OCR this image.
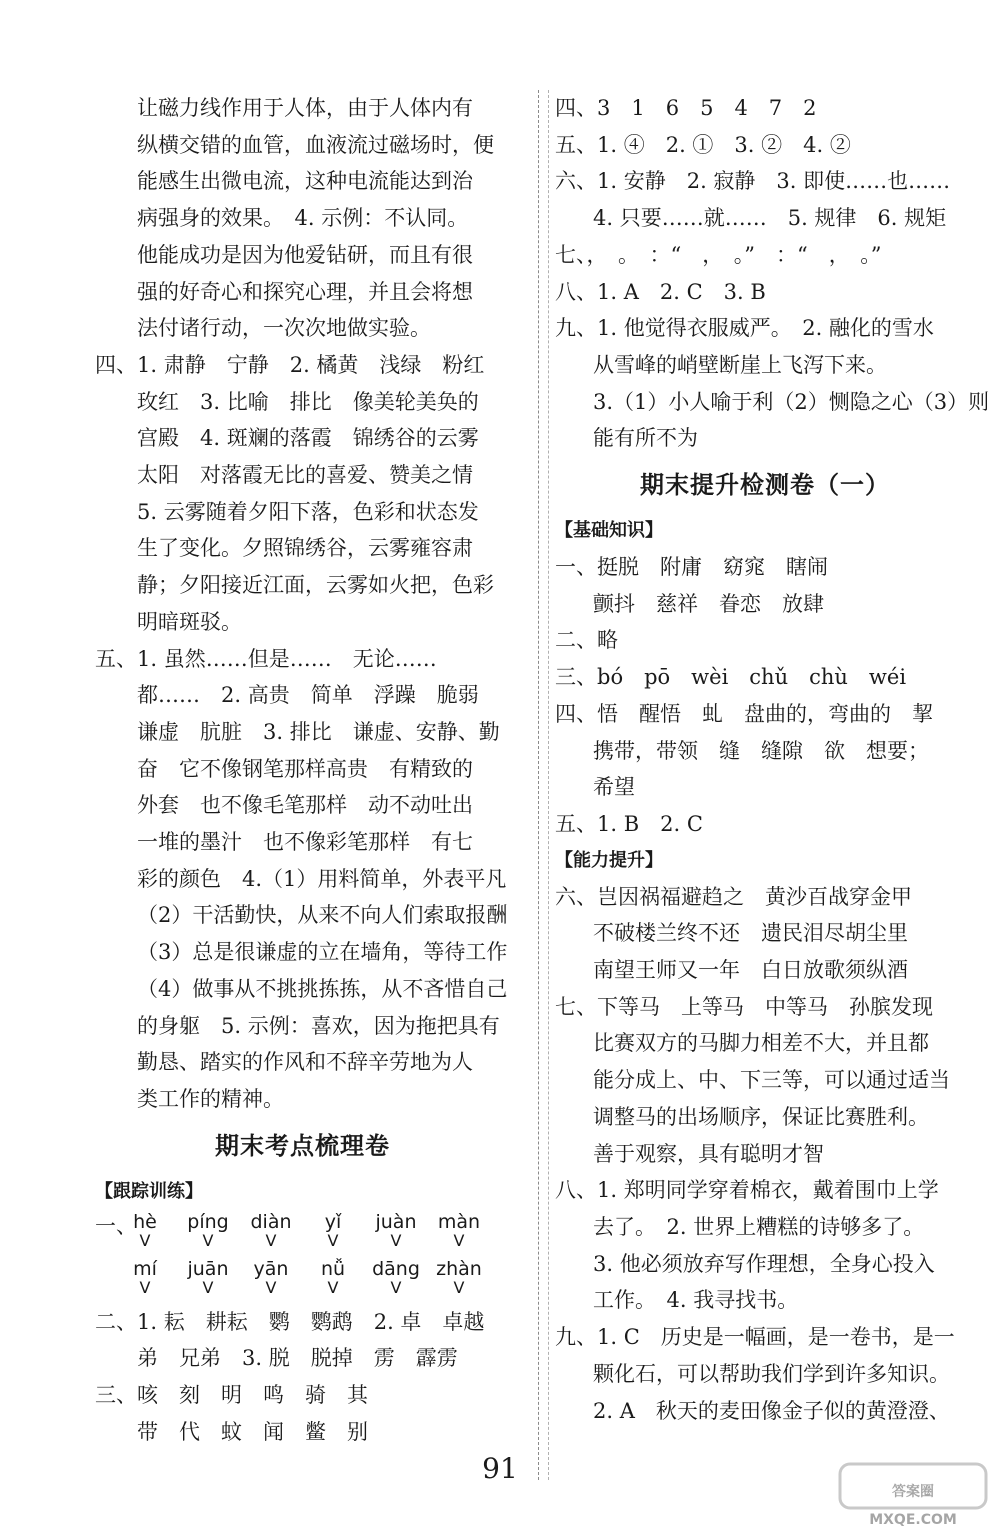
让磁力线作用于人体，由于人体内有
纵横交错的血管，血液流过磁场时，便
能感生出微电流，这种电流能达到治
病强身的效果。　4. 示例：不认同。
他能成功是因为他爱钻研，而且有很
强的好奇心和探究心理，并且会将想
法付诸行动，一次次地做实验。
四、1. 肃静　宁静　2. 橘黄　浅绿　粉红
玫红　3. 比喻　排比　像美轮美奂的
宫殿　4. 斑斓的落霞　锦绣谷的云雾
太阳　对落霞无比的喜爱、赞美之情
5. 云雾随着夕阳下落，色彩和状态发
生了变化。夕照锦绣谷，云雾雍容肃
静；夕阳接近江面，云雾如火把，色彩
明暗斑驳。
五、1. 虽然……但是……　无论……
都……　2. 高贵　简单　浮躁　脆弱
谦虚　肮脏　3. 排比　谦虚、安静、勤
奋　它不像钢笔那样高贵　有精致的
外套　也不像毛笔那样　动不动吐出
一堆的墨汁　也不像彩笔那样　有七
彩的颜色　4.（1）用料简单，外表平凡
（2）干活勤快，从来不向人们索取报酬
（3）总是很谦虚的立在墙角，等待工作
（4）做事从不挑挑拣拣，从不吝惜自己
的身躯　5. 示例：喜欢，因为拖把具有
勤恳、踏实的作风和不辞辛劳地为人
类工作的精神。
期末考点梳理卷
【跟踪训练】
一、
hè
V
píng
V
diàn
V
yǐ
V
juàn
V
màn
V
mí
V
juān
V
yān
V
nǚ
V
dāng
V
zhàn
V
二、1. 耘　耕耘　鹦　鹦鹉　2. 卓　卓越
弟　兄弟　3. 脱　脱掉　雳　霹雳
三、咳　刻　明　鸣　骑　其
带　代　蚊　闻　鳖　别
四、3　1　6　5　4　7　2
五、1. ④　2. ①　3. ②　4. ②
六、1. 安静　2. 寂静　3. 即使……也……
4. 只要……就……　5. 规律　6. 规矩
七、，　。　：“　，　。”　：“　，　。”
八、1. A　2. C　3. B
九、1. 他觉得衣服威严。　2. 融化的雪水
从雪峰的峭壁断崖上飞泻下来。
3.（1）小人喻于利（2）恻隐之心（3）则
能有所不为
期末提升检测卷（一）
【基础知识】
一、挺脱　附庸　窈窕　瞎闹
颤抖　慈祥　眷恋　放肆
二、略
三、bó　pō　wèi　chǔ　chù　wéi
四、悟　醒悟　虬　盘曲的，弯曲的　挈
携带，带领　缝　缝隙　欲　想要；
希望
五、1. B　2. C
【能力提升】
六、岂因祸福避趋之　黄沙百战穿金甲
不破楼兰终不还　遗民泪尽胡尘里
南望王师又一年　白日放歌须纵酒
七、下等马　上等马　中等马　孙膑发现
比赛双方的马脚力相差不大，并且都
能分成上、中、下三等，可以通过适当
调整马的出场顺序，保证比赛胜利。
善于观察，具有聪明才智
八、1. 郑明同学穿着棉衣，戴着围巾上学
去了。　2. 世界上糟糕的诗够多了。
3. 他必须放弃写作理想，全身心投入
工作。　4. 我寻找书。
九、1. C　历史是一幅画，是一卷书，是一
颗化石，可以帮助我们学到许多知识。
2. A　秋天的麦田像金子似的黄澄澄、
91
答案圈
MXQE.COM
